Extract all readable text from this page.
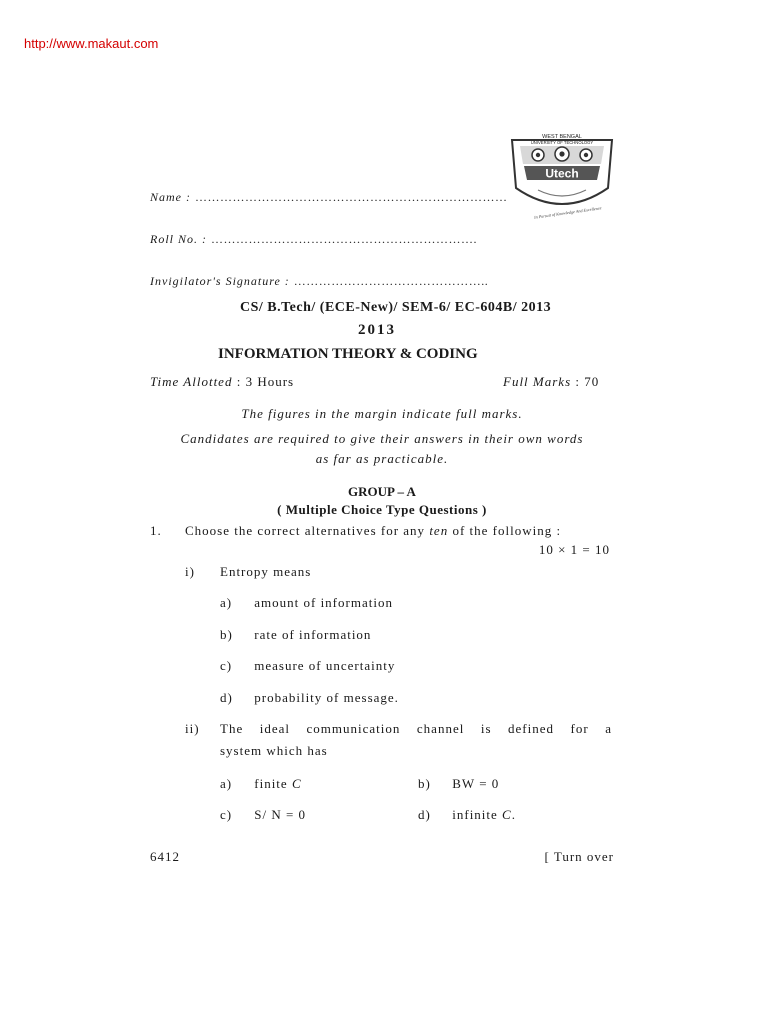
http://www.makaut.com
WEST BENGAL
UNIVERSITY OF TECHNOLOGY
Utech
In Pursuit of Knowledge And Excellence
Name : …………………………………………………………………
Roll No. : ……………………………………………………….
Invigilator's Signature : ………………………………………..
CS/ B.Tech/ (ECE-New)/ SEM-6/ EC-604B/ 2013
2013
INFORMATION THEORY & CODING
Time Allotted : 3 Hours	Full Marks : 70
The figures in the margin indicate full marks.
Candidates are required to give their answers in their own words
as far as practicable.
GROUP – A
( Multiple Choice Type Questions )
1. Choose the correct alternatives for any ten of the following :
10 × 1 = 10
i) Entropy means
a) amount of information
b) rate of information
c) measure of uncertainty
d) probability of message.
ii) The ideal communication channel is defined for a
system which has
a) finite C	b) BW = 0
c) S/ N = 0	d) infinite C.
6412	[ Turn over
